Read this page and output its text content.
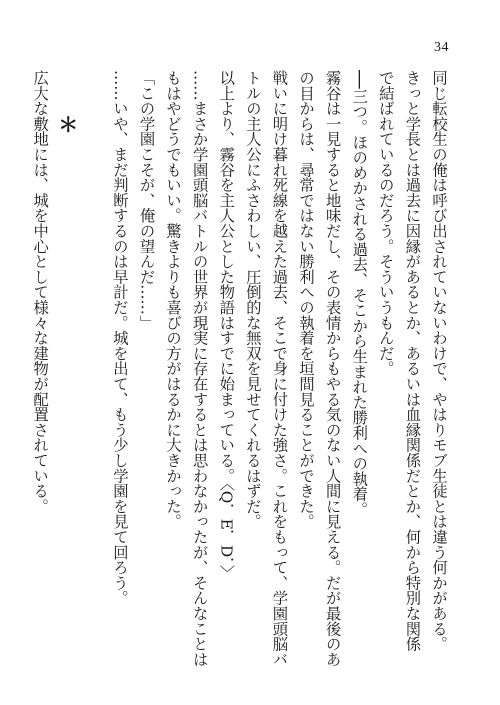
34
同じ転校生の俺は呼び出されていないわけで、やはりモブ生徒とは違う何かがある。
きっと学長とは過去に因縁があるとか、あるいは血縁関係だとか、何から特別な関係
で結ばれているのだろう。そういうもんだ。
──三つ。ほのめかされる過去、そこから生まれた勝利への執着。
霧谷は一見すると地味だし、その表情からもやる気のない人間に見える。だが最後のあ
の目からは、尋常ではない勝利への執着を垣間見ることができた。
戦いに明け暮れ死線を越えた過去、そこで身に付けた強さ。これをもって、学園頭脳バ
トルの主人公にふさわしい、圧倒的な無双を見せてくれるはずだ。
以上より、霧谷を主人公とした物語はすでに始まっている。〈Q．E．D．〉
……まさか学園頭脳バトルの世界が現実に存在するとは思わなかったが、そんなことは
もはやどうでもいい。驚きよりも喜びの方がはるかに大きかった。
「この学園こそが、俺の望んだ……」
……いや、まだ判断するのは早計だ。城を出て、もう少し学園を見て回ろう。
＊
広大な敷地には、城を中心として様々な建物が配置されている。
